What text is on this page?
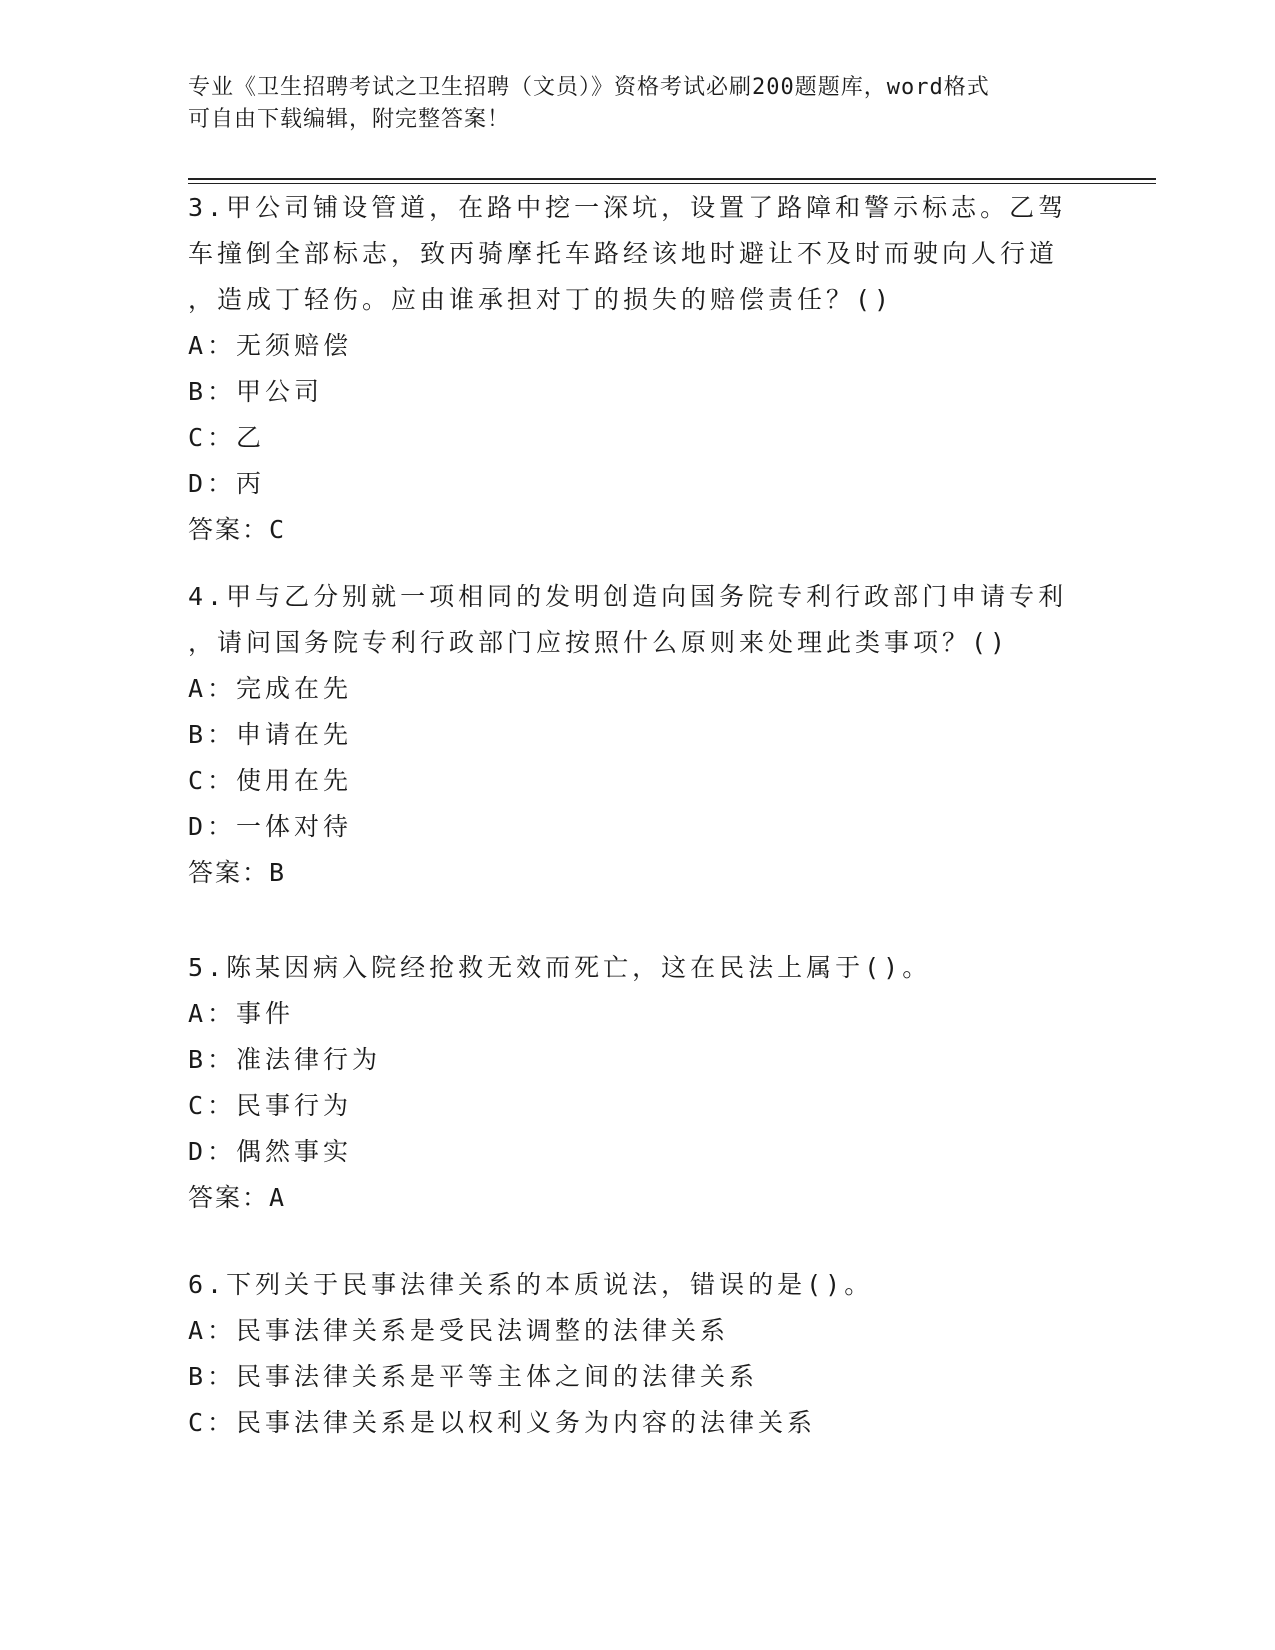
专业《卫生招聘考试之卫生招聘（文员）》资格考试必刷200题题库，word格式
可自由下载编辑，附完整答案！
3.甲公司铺设管道，在路中挖一深坑，设置了路障和警示标志。乙驾
车撞倒全部标志，致丙骑摩托车路经该地时避让不及时而驶向人行道
，造成丁轻伤。应由谁承担对丁的损失的赔偿责任？()
A：无须赔偿
B：甲公司
C：乙
D：丙
答案：C
4.甲与乙分别就一项相同的发明创造向国务院专利行政部门申请专利
，请问国务院专利行政部门应按照什么原则来处理此类事项？()
A：完成在先
B：申请在先
C：使用在先
D：一体对待
答案：B
5.陈某因病入院经抢救无效而死亡，这在民法上属于()。
A：事件
B：准法律行为
C：民事行为
D：偶然事实
答案：A
6.下列关于民事法律关系的本质说法，错误的是()。
A：民事法律关系是受民法调整的法律关系
B：民事法律关系是平等主体之间的法律关系
C：民事法律关系是以权利义务为内容的法律关系
